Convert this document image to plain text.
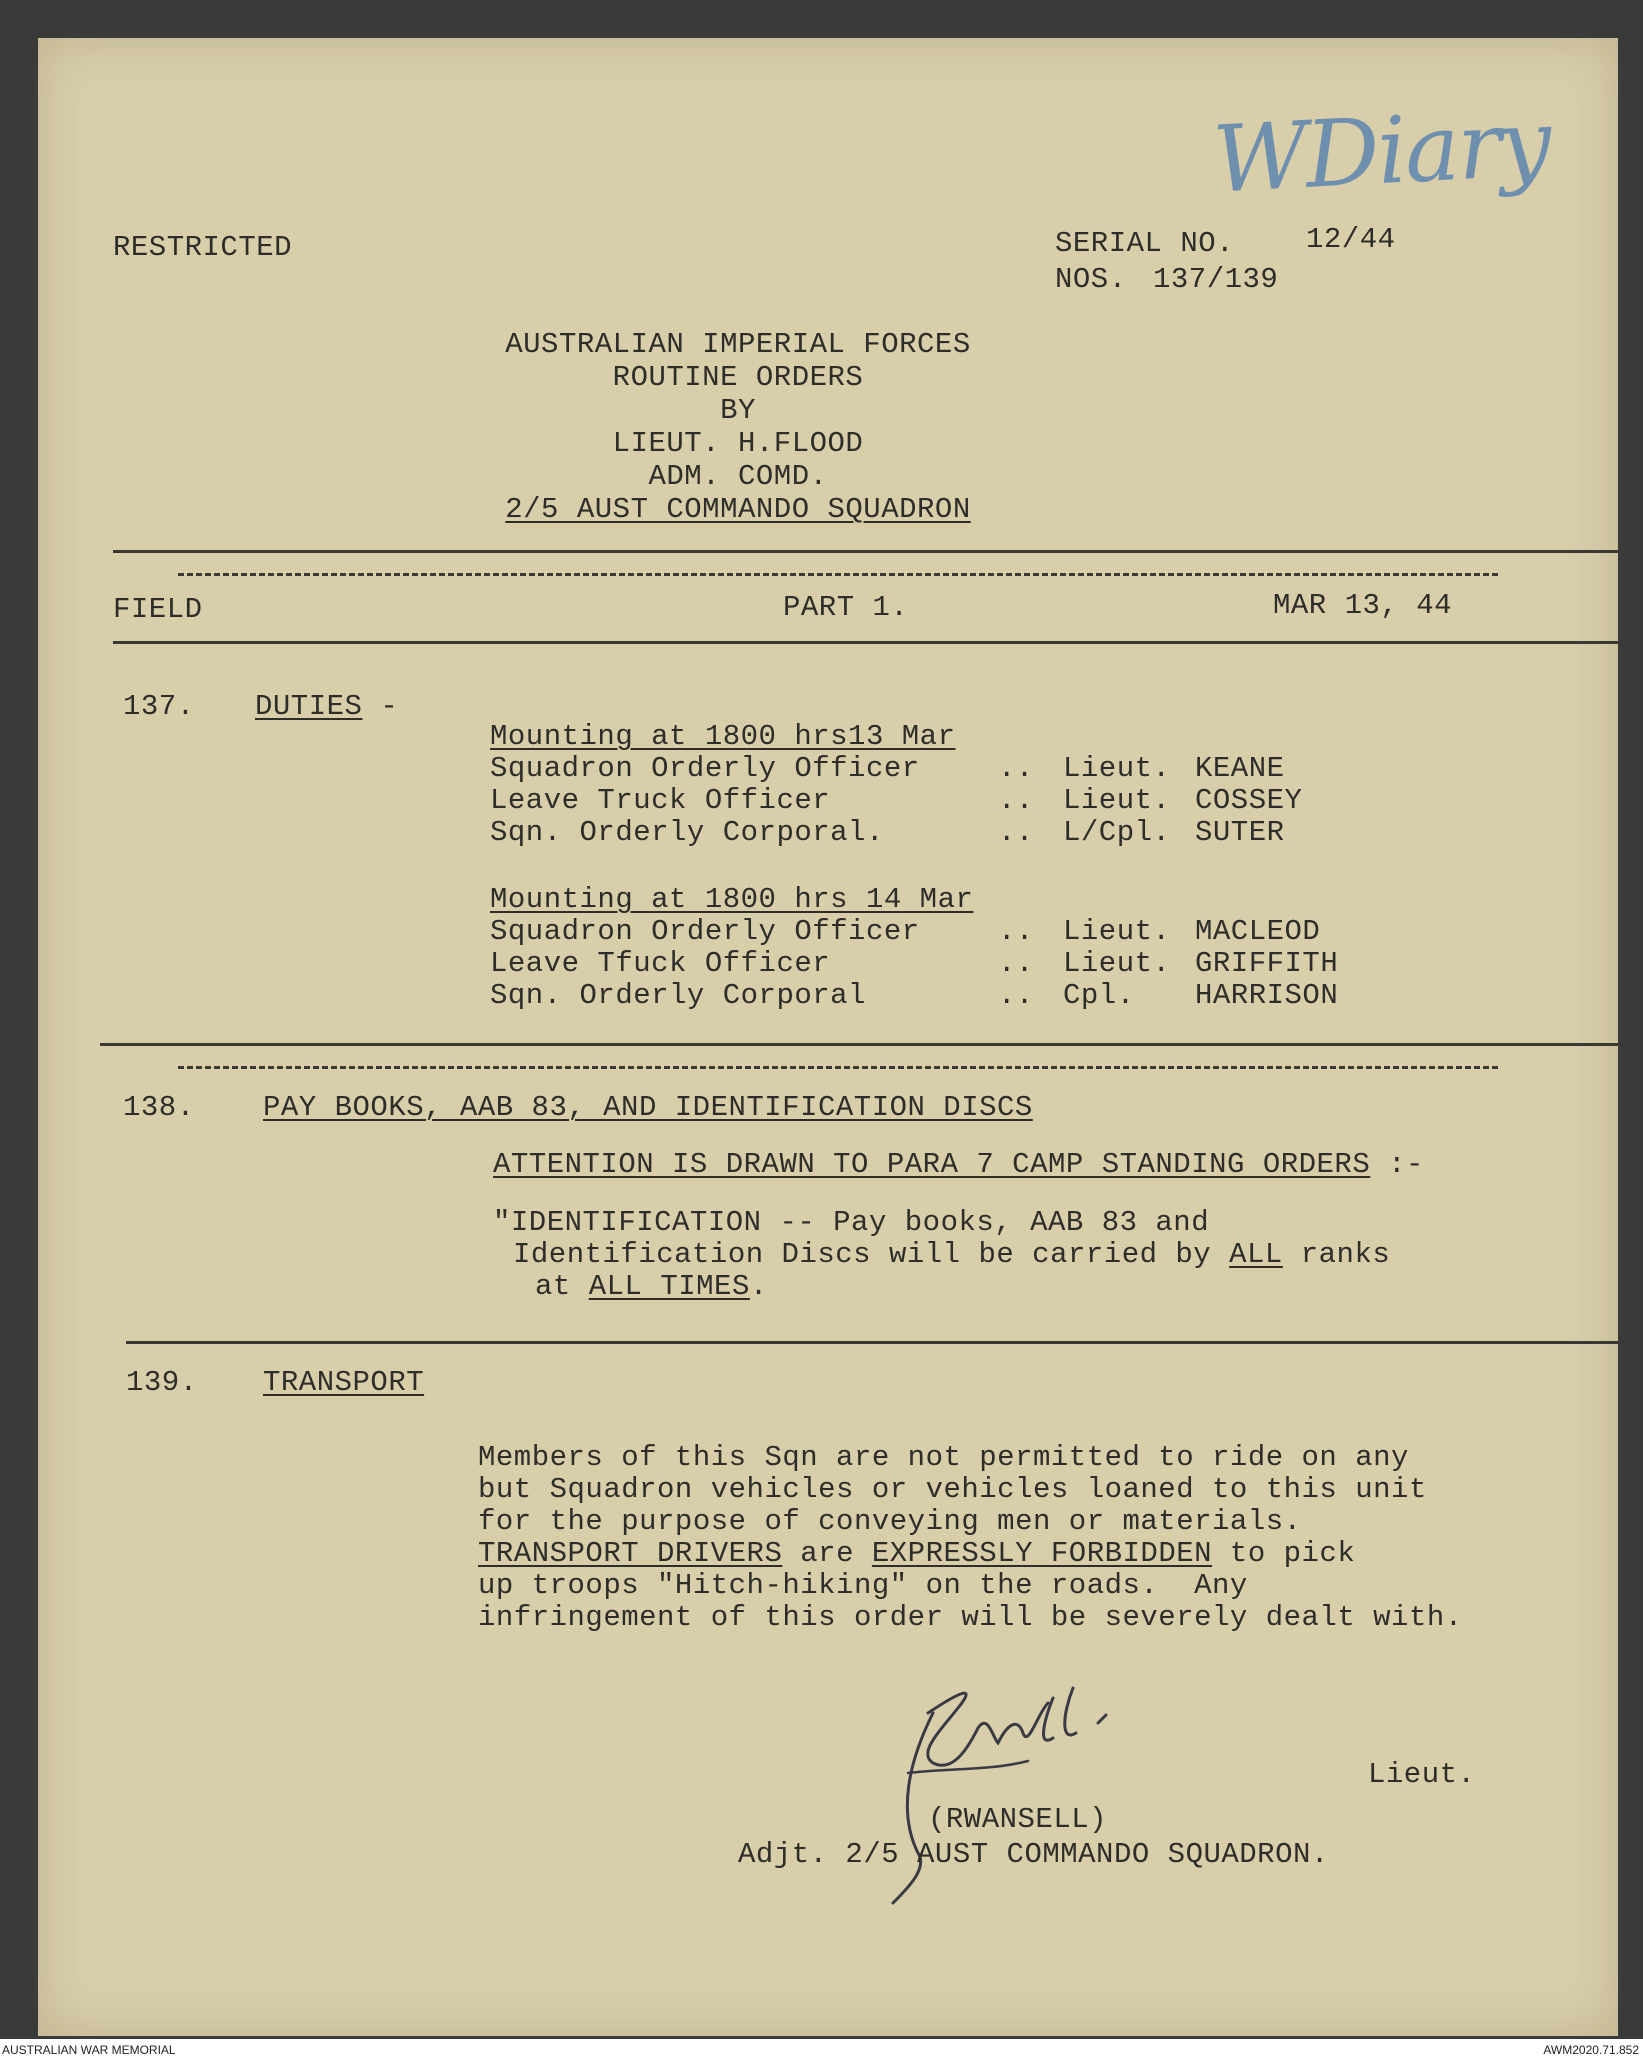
WDiary
RESTRICTED	SERIAL NO. 12/44
NOS. 137/139
AUSTRALIAN IMPERIAL FORCES
ROUTINE ORDERS
BY
LIEUT. H.FLOOD
ADM. COMD.
2/5 AUST COMMANDO SQUADRON
FIELD	PART 1.	MAR 13, 44
137. DUTIES -
Mounting at 1800 hrs13 Mar
Squadron Orderly Officer	.. Lieut. KEANE
Leave Truck Officer	.. Lieut. COSSEY
Sqn. Orderly Corporal.	.. L/Cpl. SUTER
Mounting at 1800 hrs 14 Mar
Squadron Orderly Officer	.. Lieut. MACLEOD
Leave Tfuck Officer	.. Lieut. GRIFFITH
Sqn. Orderly Corporal	.. Cpl. HARRISON
138. PAY BOOKS, AAB 83, AND IDENTIFICATION DISCS
ATTENTION IS DRAWN TO PARA 7 CAMP STANDING ORDERS :-
"IDENTIFICATION -- Pay books, AAB 83 and
Identification Discs will be carried by ALL ranks
at ALL TIMES.
139. TRANSPORT
Members of this Sqn are not permitted to ride on any
but Squadron vehicles or vehicles loaned to this unit
for the purpose of conveying men or materials.
TRANSPORT DRIVERS are EXPRESSLY FORBIDDEN to pick
up troops "Hitch-hiking" on the roads.  Any
infringement of this order will be severely dealt with.
Lieut.
(RWANSELL)
Adjt. 2/5 AUST COMMANDO SQUADRON.
AUSTRALIAN WAR MEMORIAL	AWM2020.71.852
